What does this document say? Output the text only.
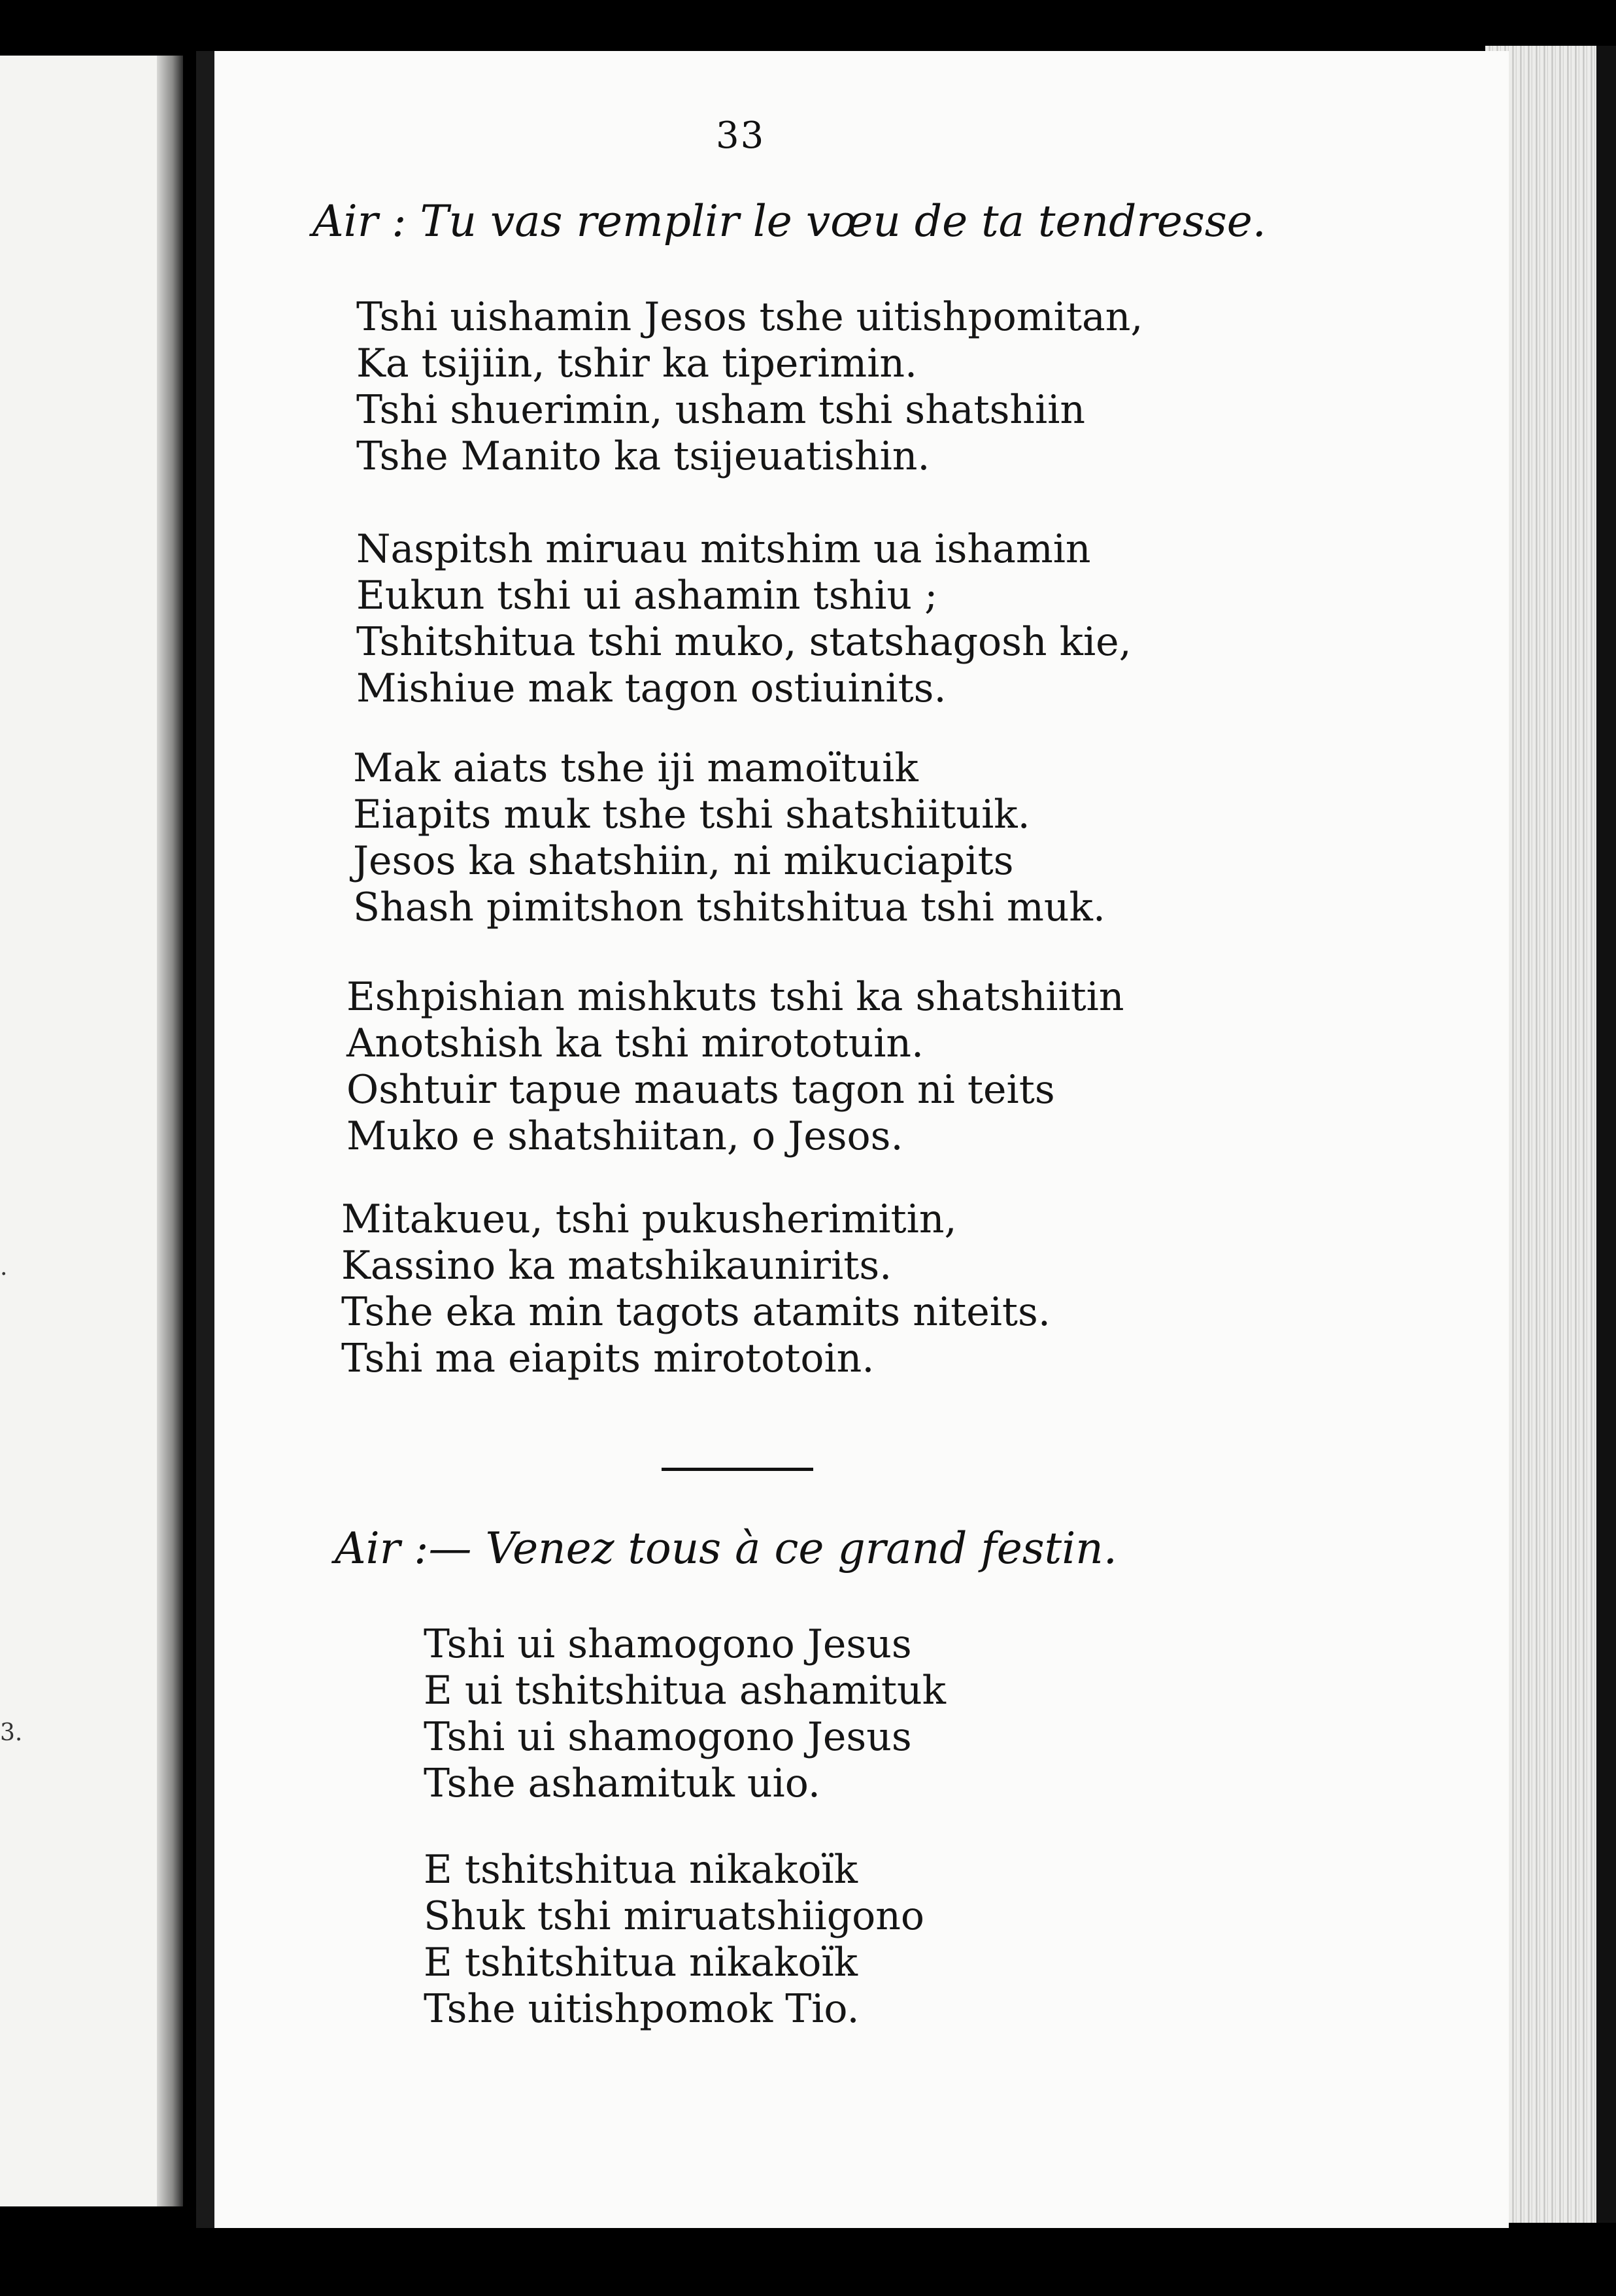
.
3.
33
Air : Tu vas remplir le vœu de ta tendresse.
Tshi uishamin Jesos tshe uitishpomitan,
Ka tsijiin, tshir ka tiperimin.
Tshi shuerimin, usham tshi shatshiin
Tshe Manito ka tsijeuatishin.
Naspitsh miruau mitshim ua ishamin
Eukun tshi ui ashamin tshiu ;
Tshitshitua tshi muko, statshagosh kie,
Mishiue mak tagon ostiuinits.
Mak aiats tshe iji mamoïtuik
Eiapits muk tshe tshi shatshiituik.
Jesos ka shatshiin, ni mikuciapits
Shash pimitshon tshitshitua tshi muk.
Eshpishian mishkuts tshi ka shatshiitin
Anotshish ka tshi mirototuin.
Oshtuir tapue mauats tagon ni teits
Muko e shatshiitan, o Jesos.
Mitakueu, tshi pukusherimitin,
Kassino ka matshikaunirits.
Tshe eka min tagots atamits niteits.
Tshi ma eiapits mirototoin.
Air :— Venez tous à ce grand festin.
Tshi ui shamogono Jesus
E ui tshitshitua ashamituk
Tshi ui shamogono Jesus
Tshe ashamituk uio.
E tshitshitua nikakoïk
Shuk tshi miruatshiigono
E tshitshitua nikakoïk
Tshe uitishpomok Tio.
